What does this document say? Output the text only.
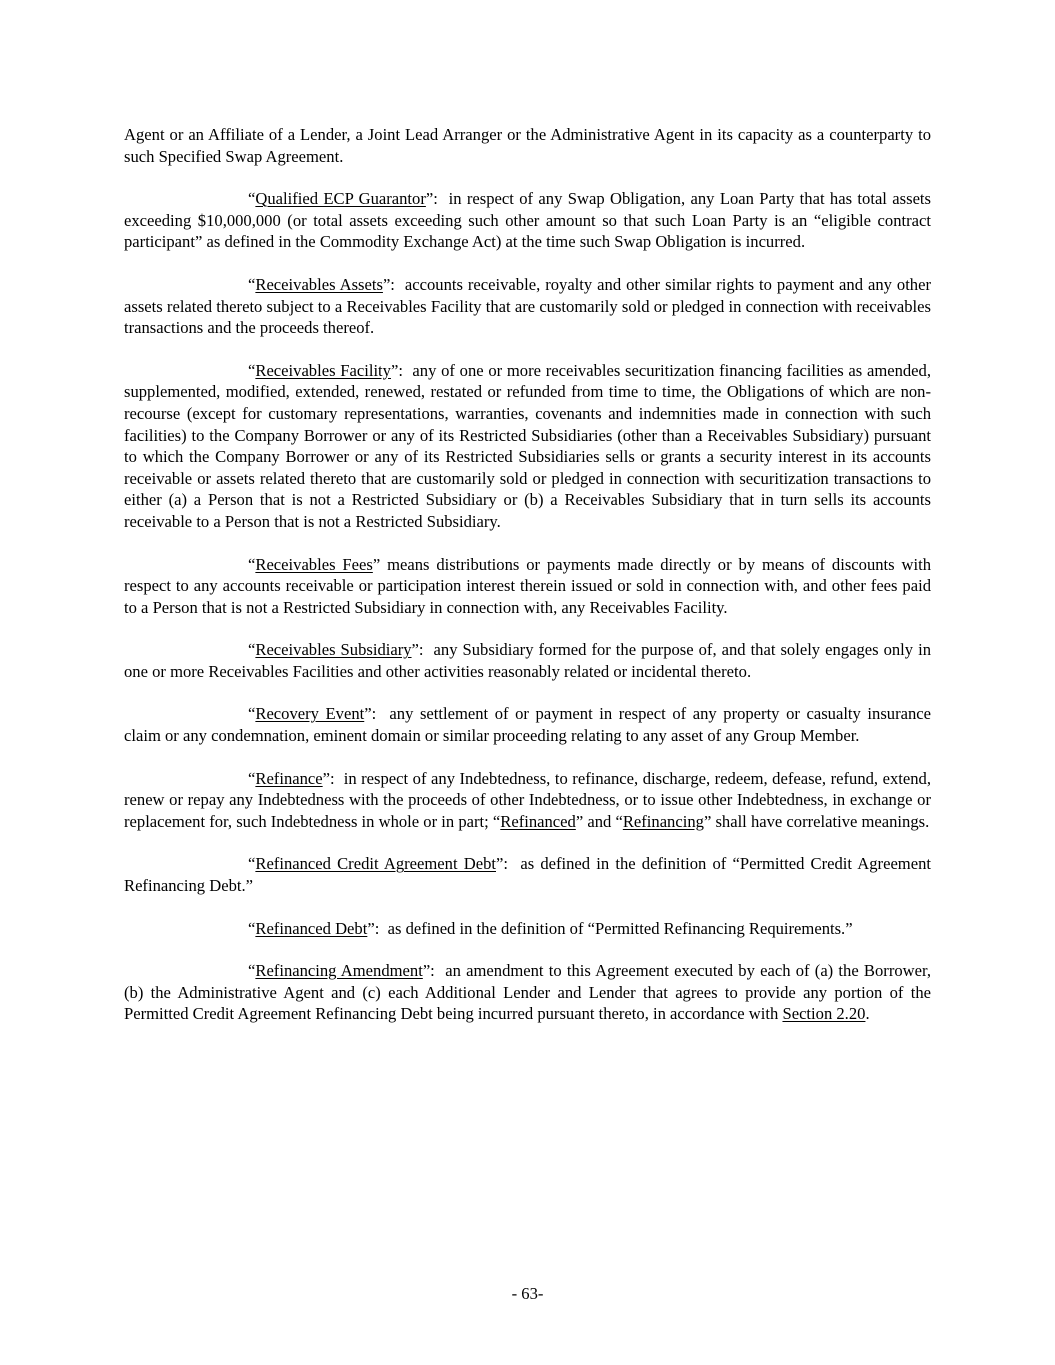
Agent or an Affiliate of a Lender, a Joint Lead Arranger or the Administrative Agent in its capacity as a counterparty to such Specified Swap Agreement.

“Qualified ECP Guarantor”:  in respect of any Swap Obligation, any Loan Party that has total assets exceeding $10,000,000 (or total assets exceeding such other amount so that such Loan Party is an “eligible contract participant” as defined in the Commodity Exchange Act) at the time such Swap Obligation is incurred.

“Receivables Assets”:  accounts receivable, royalty and other similar rights to payment and any other assets related thereto subject to a Receivables Facility that are customarily sold or pledged in connection with receivables transactions and the proceeds thereof.

“Receivables Facility”:  any of one or more receivables securitization financing facilities as amended, supplemented, modified, extended, renewed, restated or refunded from time to time, the Obligations of which are non-recourse (except for customary representations, warranties, covenants and indemnities made in connection with such facilities) to the Company Borrower or any of its Restricted Subsidiaries (other than a Receivables Subsidiary) pursuant to which the Company Borrower or any of its Restricted Subsidiaries sells or grants a security interest in its accounts receivable or assets related thereto that are customarily sold or pledged in connection with securitization transactions to either (a) a Person that is not a Restricted Subsidiary or (b) a Receivables Subsidiary that in turn sells its accounts receivable to a Person that is not a Restricted Subsidiary.

“Receivables Fees” means distributions or payments made directly or by means of discounts with respect to any accounts receivable or participation interest therein issued or sold in connection with, and other fees paid to a Person that is not a Restricted Subsidiary in connection with, any Receivables Facility.

“Receivables Subsidiary”:  any Subsidiary formed for the purpose of, and that solely engages only in one or more Receivables Facilities and other activities reasonably related or incidental thereto.

“Recovery Event”:  any settlement of or payment in respect of any property or casualty insurance claim or any condemnation, eminent domain or similar proceeding relating to any asset of any Group Member.

“Refinance”:  in respect of any Indebtedness, to refinance, discharge, redeem, defease, refund, extend, renew or repay any Indebtedness with the proceeds of other Indebtedness, or to issue other Indebtedness, in exchange or replacement for, such Indebtedness in whole or in part; “Refinanced” and “Refinancing” shall have correlative meanings.

“Refinanced Credit Agreement Debt”:  as defined in the definition of “Permitted Credit Agreement Refinancing Debt.”

“Refinanced Debt”:  as defined in the definition of “Permitted Refinancing Requirements.”

“Refinancing Amendment”:  an amendment to this Agreement executed by each of (a) the Borrower, (b) the Administrative Agent and (c) each Additional Lender and Lender that agrees to provide any portion of the Permitted Credit Agreement Refinancing Debt being incurred pursuant thereto, in accordance with Section 2.20.

- 63-
